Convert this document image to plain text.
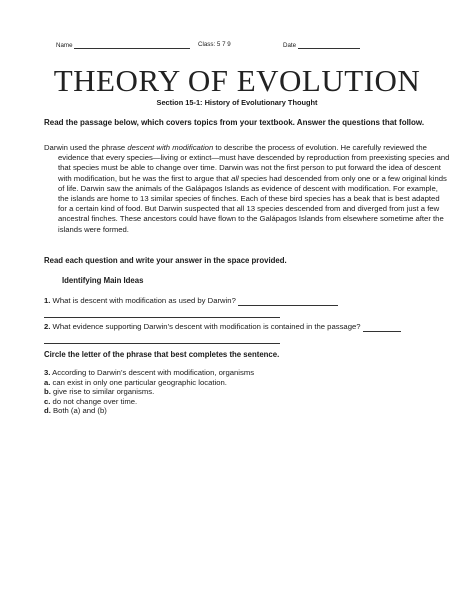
Name	Class: 5 7 9	Date
THEORY OF EVOLUTION
Section 15-1: History of Evolutionary Thought
Read the passage below, which covers topics from your textbook. Answer the questions that follow.

Darwin used the phrase descent with modification to describe the process of evolution. He carefully reviewed the evidence that every species—living or extinct—must have descended by reproduction from preexisting species and that species must be able to change over time. Darwin was not the first person to put forward the idea of descent with modification, but he was the first to argue that all species had descended from only one or a few original kinds of life. Darwin saw the animals of the Galápagos Islands as evidence of descent with modification. For example, the islands are home to 13 similar species of finches. Each of these bird species has a beak that is best adapted for a certain kind of food. But Darwin suspected that all 13 species descended from and diverged from just a few ancestral finches. These ancestors could have flown to the Galápagos Islands from elsewhere sometime after the islands were formed.

Read each question and write your answer in the space provided.
Identifying Main Ideas
1. What is descent with modification as used by Darwin?
2. What evidence supporting Darwin’s descent with modification is contained in the passage?
Circle the letter of the phrase that best completes the sentence.
3. According to Darwin’s descent with modification, organisms
a. can exist in only one particular geographic location.
b. give rise to similar organisms.
c. do not change over time.
d. Both (a) and (b)
